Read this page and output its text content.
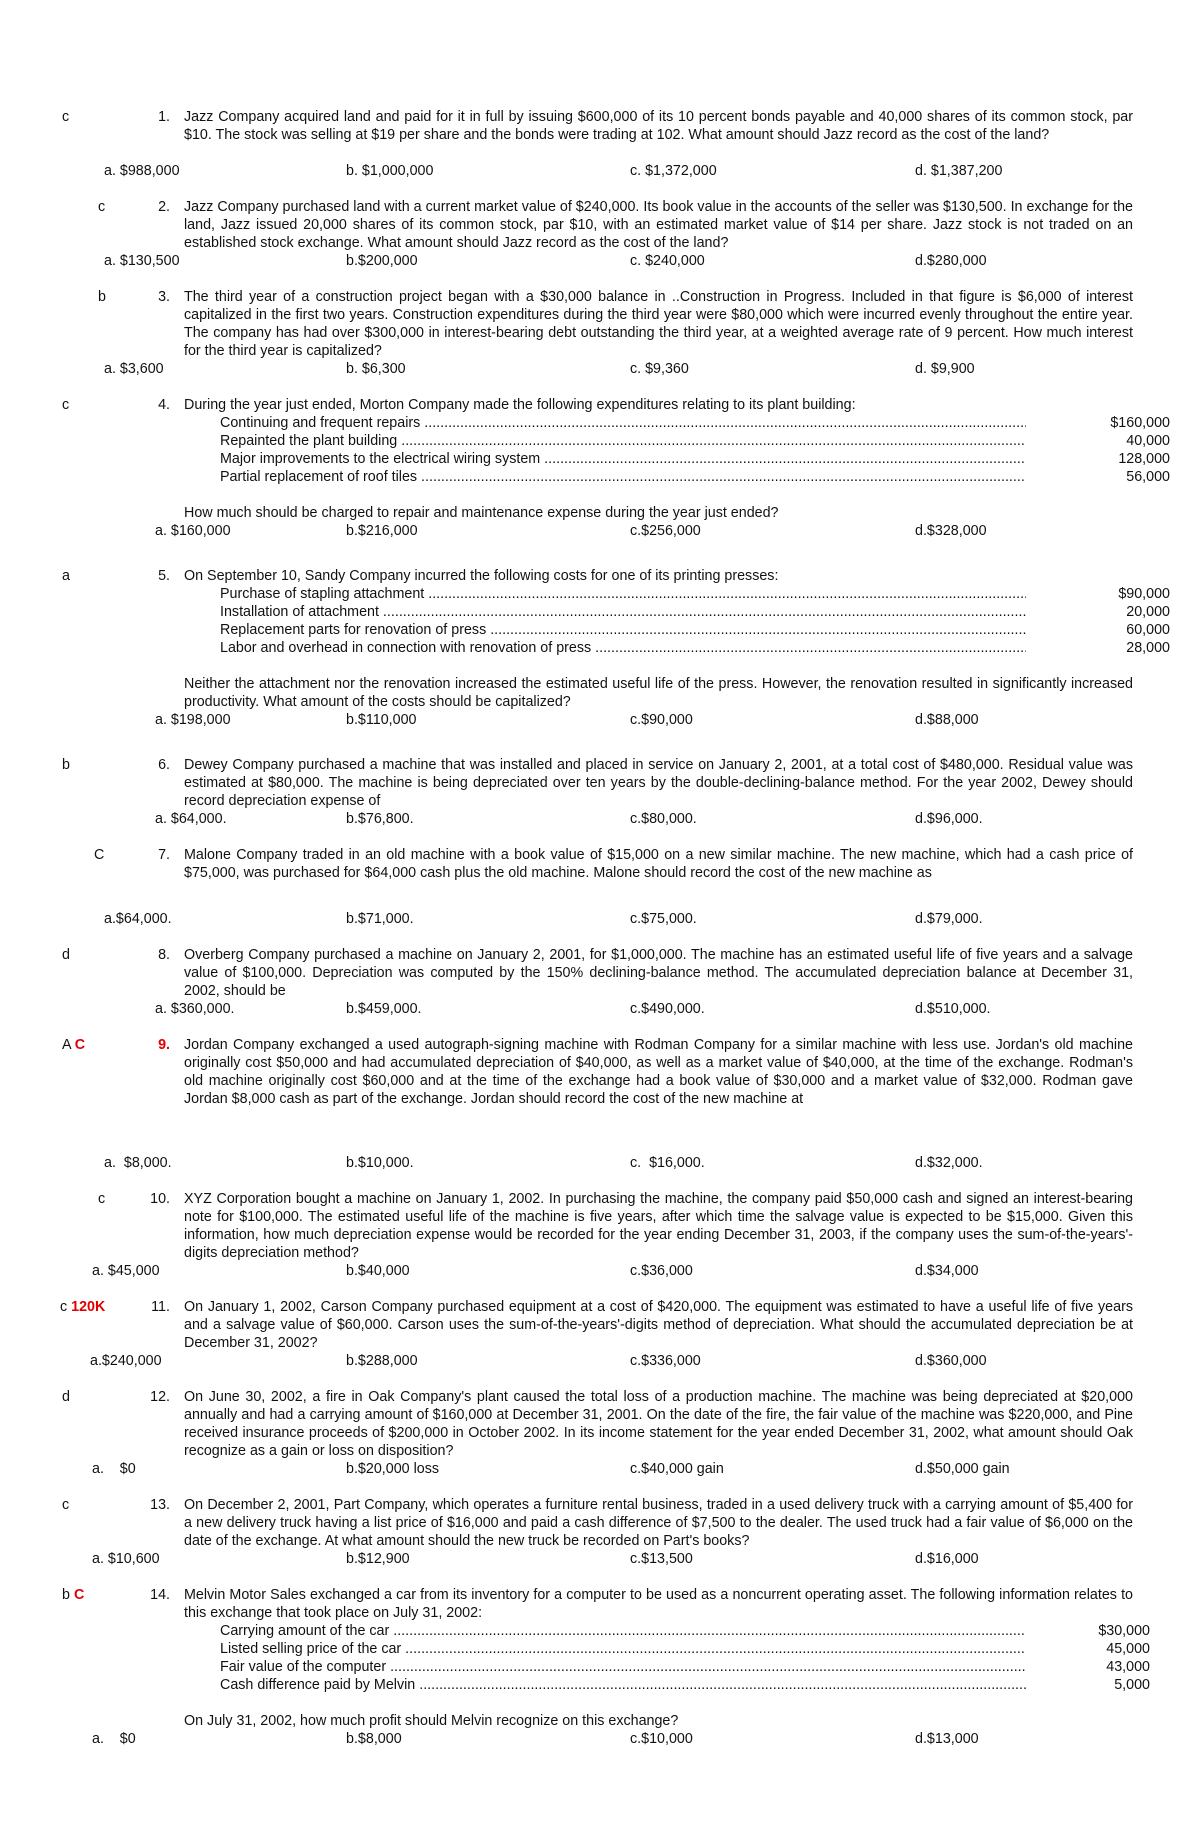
c	1. Jazz Company acquired land and paid for it in full by issuing $600,000 of its 10 percent bonds payable and 40,000 shares of its common stock, par $10. The stock was selling at $19 per share and the bonds were trading at 102. What amount should Jazz record as the cost of the land?
a. $988,000	b. $1,000,000	c. $1,372,000	d. $1,387,200
c	2. Jazz Company purchased land with a current market value of $240,000. Its book value in the accounts of the seller was $130,500. In exchange for the land, Jazz issued 20,000 shares of its common stock, par $10, with an estimated market value of $14 per share. Jazz stock is not traded on an established stock exchange. What amount should Jazz record as the cost of the land?
a. $130,500	b.$200,000	c. $240,000	d.$280,000
b	3. The third year of a construction project began with a $30,000 balance in ..Construction in Progress. Included in that figure is $6,000 of interest capitalized in the first two years. Construction expenditures during the third year were $80,000 which were incurred evenly throughout the entire year. The company has had over $300,000 in interest-bearing debt outstanding the third year, at a weighted average rate of 9 percent. How much interest for the third year is capitalized?
a. $3,600	b. $6,300	c. $9,360	d. $9,900
c	4. During the year just ended, Morton Company made the following expenditures relating to its plant building:
Continuing and frequent repairs .....	$160,000
Repainted the plant building .....	40,000
Major improvements to the electrical wiring system .....	128,000
Partial replacement of roof tiles .....	56,000
How much should be charged to repair and maintenance expense during the year just ended?
a. $160,000	b.$216,000	c.$256,000	d.$328,000
a	5. On September 10, Sandy Company incurred the following costs for one of its printing presses:
Purchase of stapling attachment .....	$90,000
Installation of attachment .....	20,000
Replacement parts for renovation of press .....	60,000
Labor and overhead in connection with renovation of press .....	28,000
Neither the attachment nor the renovation increased the estimated useful life of the press. However, the renovation resulted in significantly increased productivity. What amount of the costs should be capitalized?
a. $198,000	b.$110,000	c.$90,000	d.$88,000
b	6. Dewey Company purchased a machine that was installed and placed in service on January 2, 2001, at a total cost of $480,000. Residual value was estimated at $80,000. The machine is being depreciated over ten years by the double-declining-balance method. For the year 2002, Dewey should record depreciation expense of
a. $64,000.	b.$76,800.	c.$80,000.	d.$96,000.
C	7. Malone Company traded in an old machine with a book value of $15,000 on a new similar machine. The new machine, which had a cash price of $75,000, was purchased for $64,000 cash plus the old machine. Malone should record the cost of the new machine as
a.$64,000.	b.$71,000.	c.$75,000.	d.$79,000.
d	8. Overberg Company purchased a machine on January 2, 2001, for $1,000,000. The machine has an estimated useful life of five years and a salvage value of $100,000. Depreciation was computed by the 150% declining-balance method. The accumulated depreciation balance at December 31, 2002, should be
a. $360,000.	b.$459,000.	c.$490,000.	d.$510,000.
A C	9. Jordan Company exchanged a used autograph-signing machine with Rodman Company for a similar machine with less use. Jordan's old machine originally cost $50,000 and had accumulated depreciation of $40,000, as well as a market value of $40,000, at the time of the exchange. Rodman's old machine originally cost $60,000 and at the time of the exchange had a book value of $30,000 and a market value of $32,000. Rodman gave Jordan $8,000 cash as part of the exchange. Jordan should record the cost of the new machine at
a.  $8,000.	b.$10,000.	c.  $16,000.	d.$32,000.
c	10. XYZ Corporation bought a machine on January 1, 2002. In purchasing the machine, the company paid $50,000 cash and signed an interest-bearing note for $100,000. The estimated useful life of the machine is five years, after which time the salvage value is expected to be $15,000. Given this information, how much depreciation expense would be recorded for the year ending December 31, 2003, if the company uses the sum-of-the-years'-digits depreciation method?
a. $45,000	b.$40,000	c.$36,000	d.$34,000
c 120K	11. On January 1, 2002, Carson Company purchased equipment at a cost of $420,000. The equipment was estimated to have a useful life of five years and a salvage value of $60,000. Carson uses the sum-of-the-years'-digits method of depreciation. What should the accumulated depreciation be at December 31, 2002?
a.$240,000	b.$288,000	c.$336,000	d.$360,000
d	12. On June 30, 2002, a fire in Oak Company's plant caused the total loss of a production machine. The machine was being depreciated at $20,000 annually and had a carrying amount of $160,000 at December 31, 2001. On the date of the fire, the fair value of the machine was $220,000, and Pine received insurance proceeds of $200,000 in October 2002. In its income statement for the year ended December 31, 2002, what amount should Oak recognize as a gain or loss on disposition?
a.    $0	b.$20,000 loss	c.$40,000 gain	d.$50,000 gain
c	13. On December 2, 2001, Part Company, which operates a furniture rental business, traded in a used delivery truck with a carrying amount of $5,400 for a new delivery truck having a list price of $16,000 and paid a cash difference of $7,500 to the dealer. The used truck had a fair value of $6,000 on the date of the exchange. At what amount should the new truck be recorded on Part's books?
a. $10,600	b.$12,900	c.$13,500	d.$16,000
b C	14. Melvin Motor Sales exchanged a car from its inventory for a computer to be used as a noncurrent operating asset. The following information relates to this exchange that took place on July 31, 2002:
Carrying amount of the car .....	$30,000
Listed selling price of the car .....	45,000
Fair value of the computer .....	43,000
Cash difference paid by Melvin .....	5,000
On July 31, 2002, how much profit should Melvin recognize on this exchange?
a.    $0	b.$8,000	c.$10,000	d.$13,000
